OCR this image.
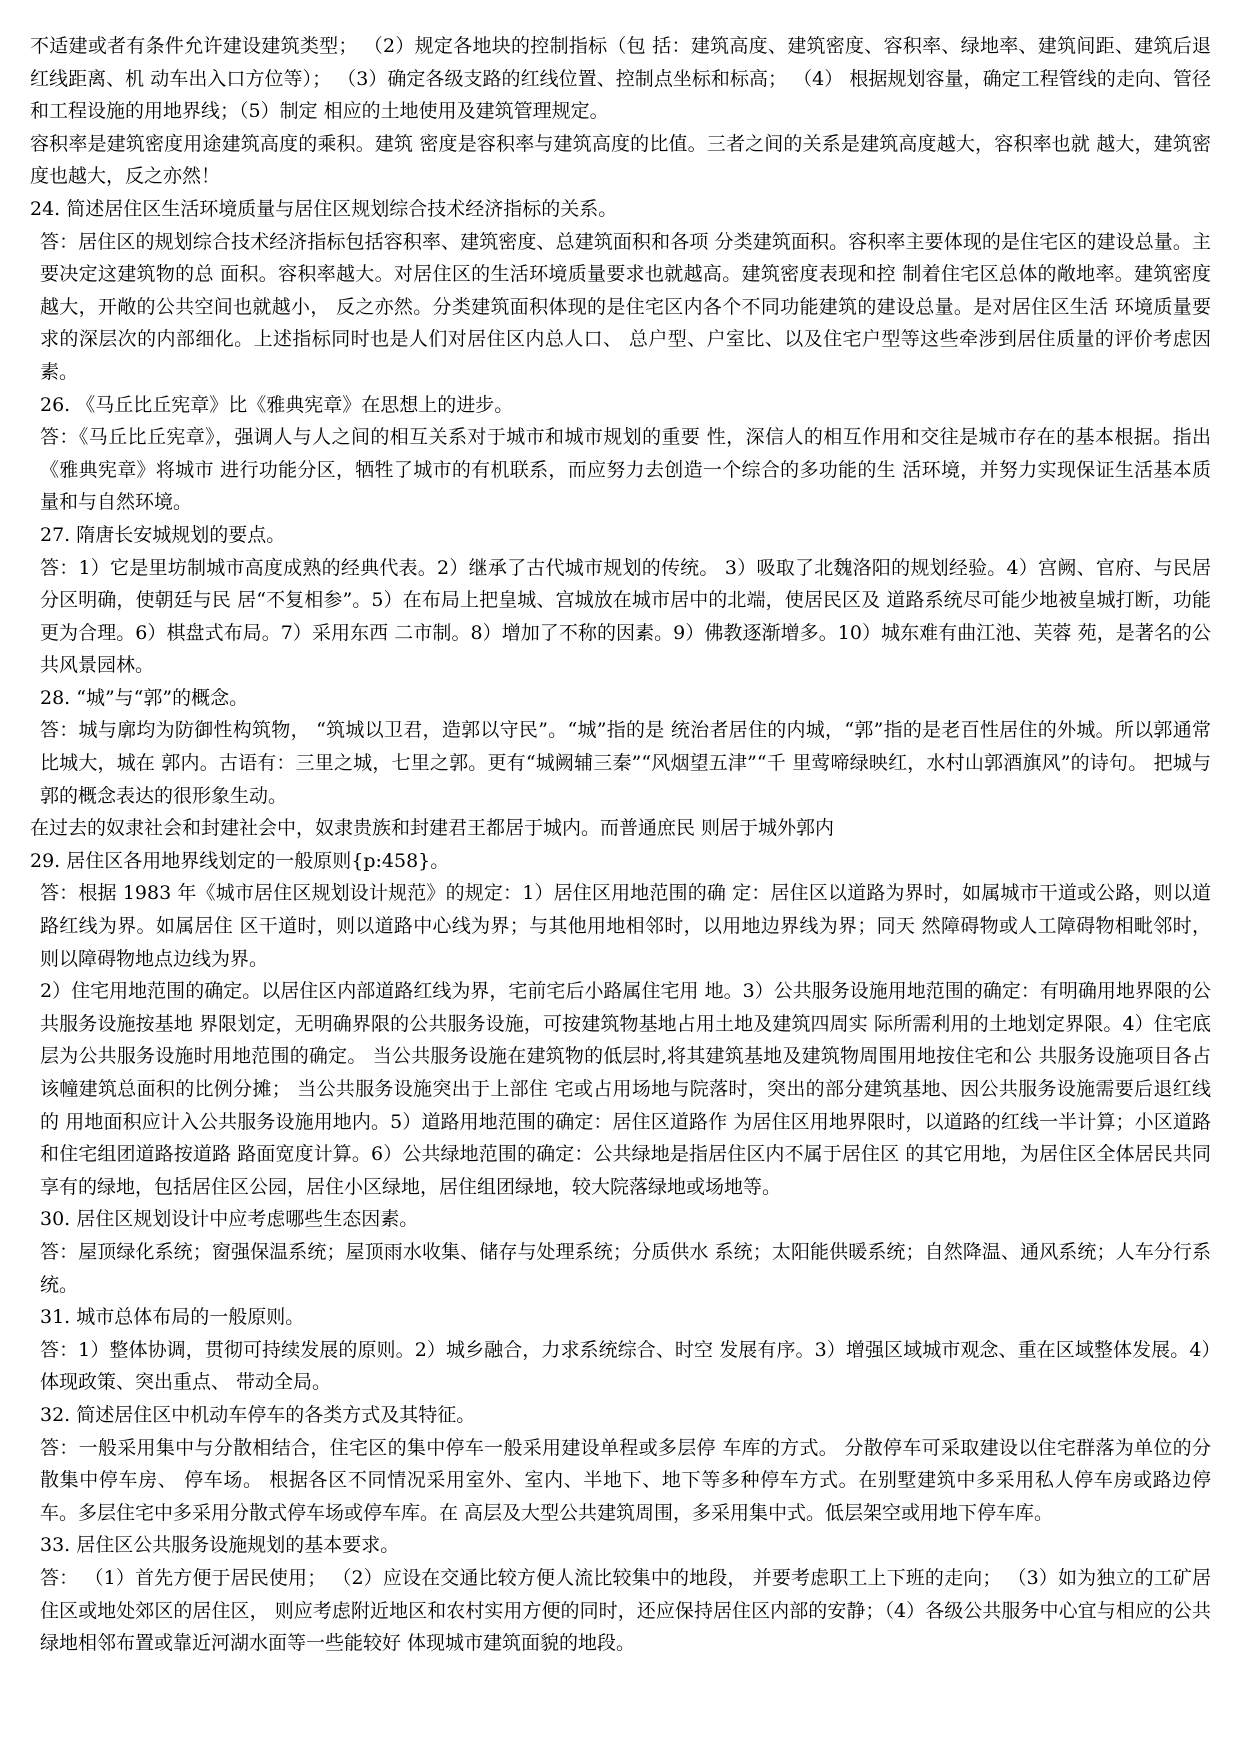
不适建或者有条件允许建设建筑类型； （2）规定各地块的控制指标（包 括：建筑高度、建筑密度、容积率、绿地率、建筑间距、建筑后退红线距离、机 动车出入口方位等）； （3）确定各级支路的红线位置、控制点坐标和标高； （4） 根据规划容量，确定工程管线的走向、管径和工程设施的用地界线；（5）制定 相应的土地使用及建筑管理规定。

容积率是建筑密度用途建筑高度的乘积。建筑 密度是容积率与建筑高度的比值。三者之间的关系是建筑高度越大，容积率也就 越大，建筑密度也越大，反之亦然！

24. 简述居住区生活环境质量与居住区规划综合技术经济指标的关系。

答：居住区的规划综合技术经济指标包括容积率、建筑密度、总建筑面积和各项 分类建筑面积。容积率主要体现的是住宅区的建设总量。主要决定这建筑物的总 面积。容积率越大。对居住区的生活环境质量要求也就越高。建筑密度表现和控 制着住宅区总体的敞地率。建筑密度越大，开敞的公共空间也就越小， 反之亦然。分类建筑面积体现的是住宅区内各个不同功能建筑的建设总量。是对居住区生活 环境质量要求的深层次的内部细化。上述指标同时也是人们对居住区内总人口、 总户型、户室比、以及住宅户型等这些牵涉到居住质量的评价考虑因素。

26. 《马丘比丘宪章》比《雅典宪章》在思想上的进步。

答：《马丘比丘宪章》，强调人与人之间的相互关系对于城市和城市规划的重要 性，深信人的相互作用和交往是城市存在的基本根据。指出《雅典宪章》将城市 进行功能分区，牺牲了城市的有机联系，而应努力去创造一个综合的多功能的生 活环境，并努力实现保证生活基本质量和与自然环境。

27. 隋唐长安城规划的要点。

答：1）它是里坊制城市高度成熟的经典代表。2）继承了古代城市规划的传统。 3）吸取了北魏洛阳的规划经验。4）宫阙、官府、与民居分区明确，使朝廷与民 居“不复相参”。5）在布局上把皇城、宫城放在城市居中的北端，使居民区及 道路系统尽可能少地被皇城打断，功能更为合理。6）棋盘式布局。7）采用东西 二市制。8）增加了不称的因素。9）佛教逐渐增多。10）城东难有曲江池、芙蓉 苑，是著名的公共风景园林。

28. “城”与“郭”的概念。

答：城与廓均为防御性构筑物， “筑城以卫君，造郭以守民”。“城”指的是 统治者居住的内城，“郭”指的是老百性居住的外城。所以郭通常比城大，城在 郭内。古语有：三里之城，七里之郭。更有“城阙辅三秦”“风烟望五津”“千 里莺啼绿映红，水村山郭酒旗风”的诗句。 把城与郭的概念表达的很形象生动。

在过去的奴隶社会和封建社会中，奴隶贵族和封建君王都居于城内。而普通庶民 则居于城外郭内

29. 居住区各用地界线划定的一般原则{p:458}。

答：根据 1983 年《城市居住区规划设计规范》的规定：1）居住区用地范围的确 定：居住区以道路为界时，如属城市干道或公路，则以道路红线为界。如属居住 区干道时，则以道路中心线为界；与其他用地相邻时，以用地边界线为界；同天 然障碍物或人工障碍物相毗邻时，则以障碍物地点边线为界。

2）住宅用地范围的确定。以居住区内部道路红线为界，宅前宅后小路属住宅用 地。3）公共服务设施用地范围的确定：有明确用地界限的公共服务设施按基地 界限划定，无明确界限的公共服务设施，可按建筑物基地占用土地及建筑四周实 际所需利用的土地划定界限。4）住宅底层为公共服务设施时用地范围的确定。 当公共服务设施在建筑物的低层时,将其建筑基地及建筑物周围用地按住宅和公 共服务设施项目各占该幢建筑总面积的比例分摊； 当公共服务设施突出于上部住 宅或占用场地与院落时，突出的部分建筑基地、因公共服务设施需要后退红线的 用地面积应计入公共服务设施用地内。5）道路用地范围的确定：居住区道路作 为居住区用地界限时，以道路的红线一半计算；小区道路和住宅组团道路按道路 路面宽度计算。6）公共绿地范围的确定：公共绿地是指居住区内不属于居住区 的其它用地，为居住区全体居民共同享有的绿地，包括居住区公园，居住小区绿地，居住组团绿地，较大院落绿地或场地等。

30. 居住区规划设计中应考虑哪些生态因素。

答：屋顶绿化系统；窗强保温系统；屋顶雨水收集、储存与处理系统；分质供水 系统；太阳能供暖系统；自然降温、通风系统；人车分行系统。

31. 城市总体布局的一般原则。

答：1）整体协调，贯彻可持续发展的原则。2）城乡融合，力求系统综合、时空 发展有序。3）增强区域城市观念、重在区域整体发展。4）体现政策、突出重点、 带动全局。

32. 简述居住区中机动车停车的各类方式及其特征。

答：一般采用集中与分散相结合，住宅区的集中停车一般采用建设单程或多层停 车库的方式。 分散停车可采取建设以住宅群落为单位的分散集中停车房、 停车场。 根据各区不同情况采用室外、室内、半地下、地下等多种停车方式。在别墅建筑中多采用私人停车房或路边停车。多层住宅中多采用分散式停车场或停车库。在 高层及大型公共建筑周围，多采用集中式。低层架空或用地下停车库。

33. 居住区公共服务设施规划的基本要求。

答： （1）首先方便于居民使用； （2）应设在交通比较方便人流比较集中的地段， 并要考虑职工上下班的走向； （3）如为独立的工矿居住区或地处郊区的居住区， 则应考虑附近地区和农村实用方便的同时，还应保持居住区内部的安静；（4）各级公共服务中心宜与相应的公共绿地相邻布置或靠近河湖水面等一些能较好 体现城市建筑面貌的地段。
